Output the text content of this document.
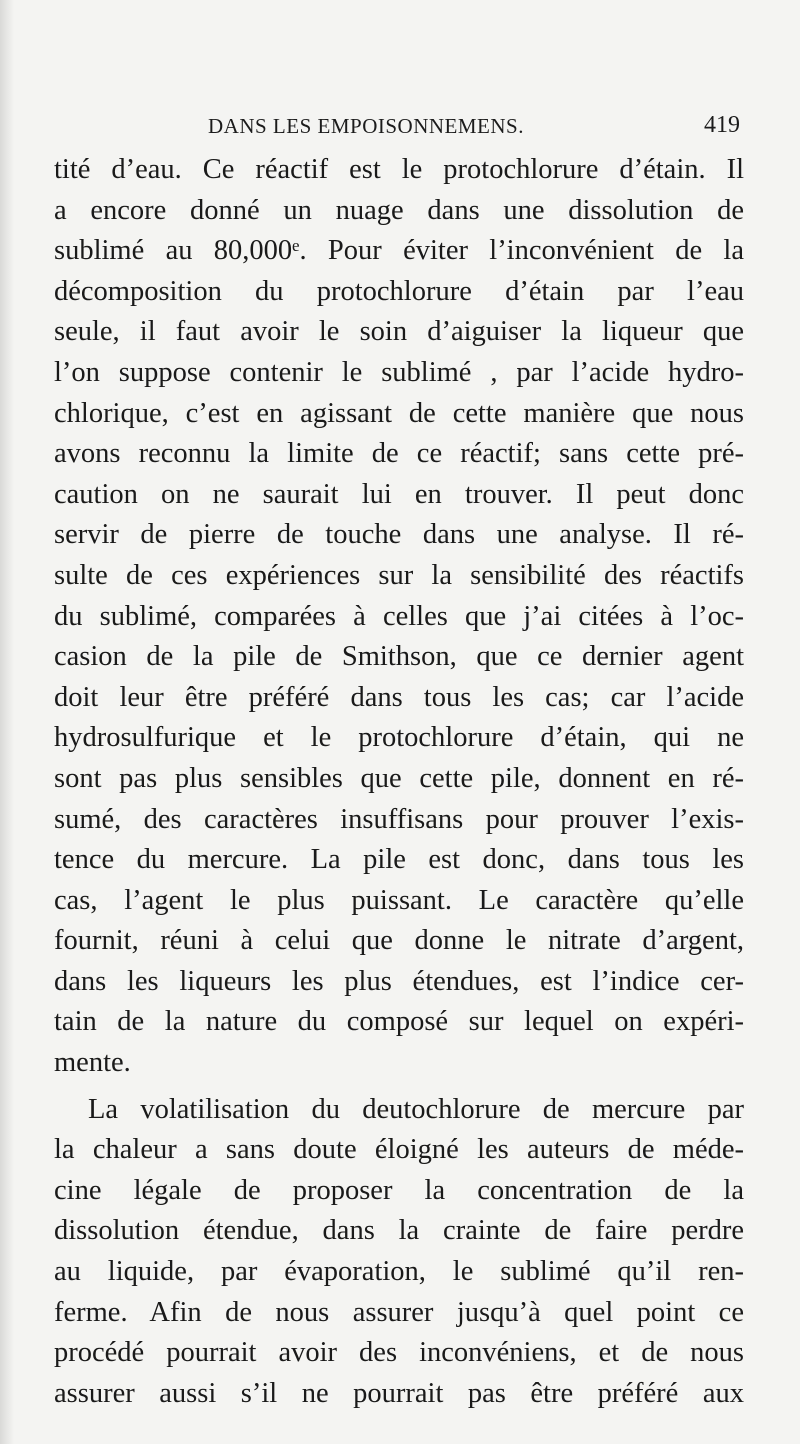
DANS LES EMPOISONNEMENS.	419
tité d’eau. Ce réactif est le protochlorure d’étain. Il
a encore donné un nuage dans une dissolution de
sublimé au 80,000ᵉ. Pour éviter l’inconvénient de la
décomposition du protochlorure d’étain par l’eau
seule, il faut avoir le soin d’aiguiser la liqueur que
l’on suppose contenir le sublimé , par l’acide hydro-
chlorique, c’est en agissant de cette manière que nous
avons reconnu la limite de ce réactif; sans cette pré-
caution on ne saurait lui en trouver. Il peut donc
servir de pierre de touche dans une analyse. Il ré-
sulte de ces expériences sur la sensibilité des réactifs
du sublimé, comparées à celles que j’ai citées à l’oc-
casion de la pile de Smithson, que ce dernier agent
doit leur être préféré dans tous les cas; car l’acide
hydrosulfurique et le protochlorure d’étain, qui ne
sont pas plus sensibles que cette pile, donnent en ré-
sumé, des caractères insuffisans pour prouver l’exis-
tence du mercure. La pile est donc, dans tous les
cas, l’agent le plus puissant. Le caractère qu’elle
fournit, réuni à celui que donne le nitrate d’argent,
dans les liqueurs les plus étendues, est l’indice cer-
tain de la nature du composé sur lequel on expéri-
mente.
La volatilisation du deutochlorure de mercure par
la chaleur a sans doute éloigné les auteurs de méde-
cine légale de proposer la concentration de la
dissolution étendue, dans la crainte de faire perdre
au liquide, par évaporation, le sublimé qu’il ren-
ferme. Afin de nous assurer jusqu’à quel point ce
procédé pourrait avoir des inconvéniens, et de nous
assurer aussi s’il ne pourrait pas être préféré aux
